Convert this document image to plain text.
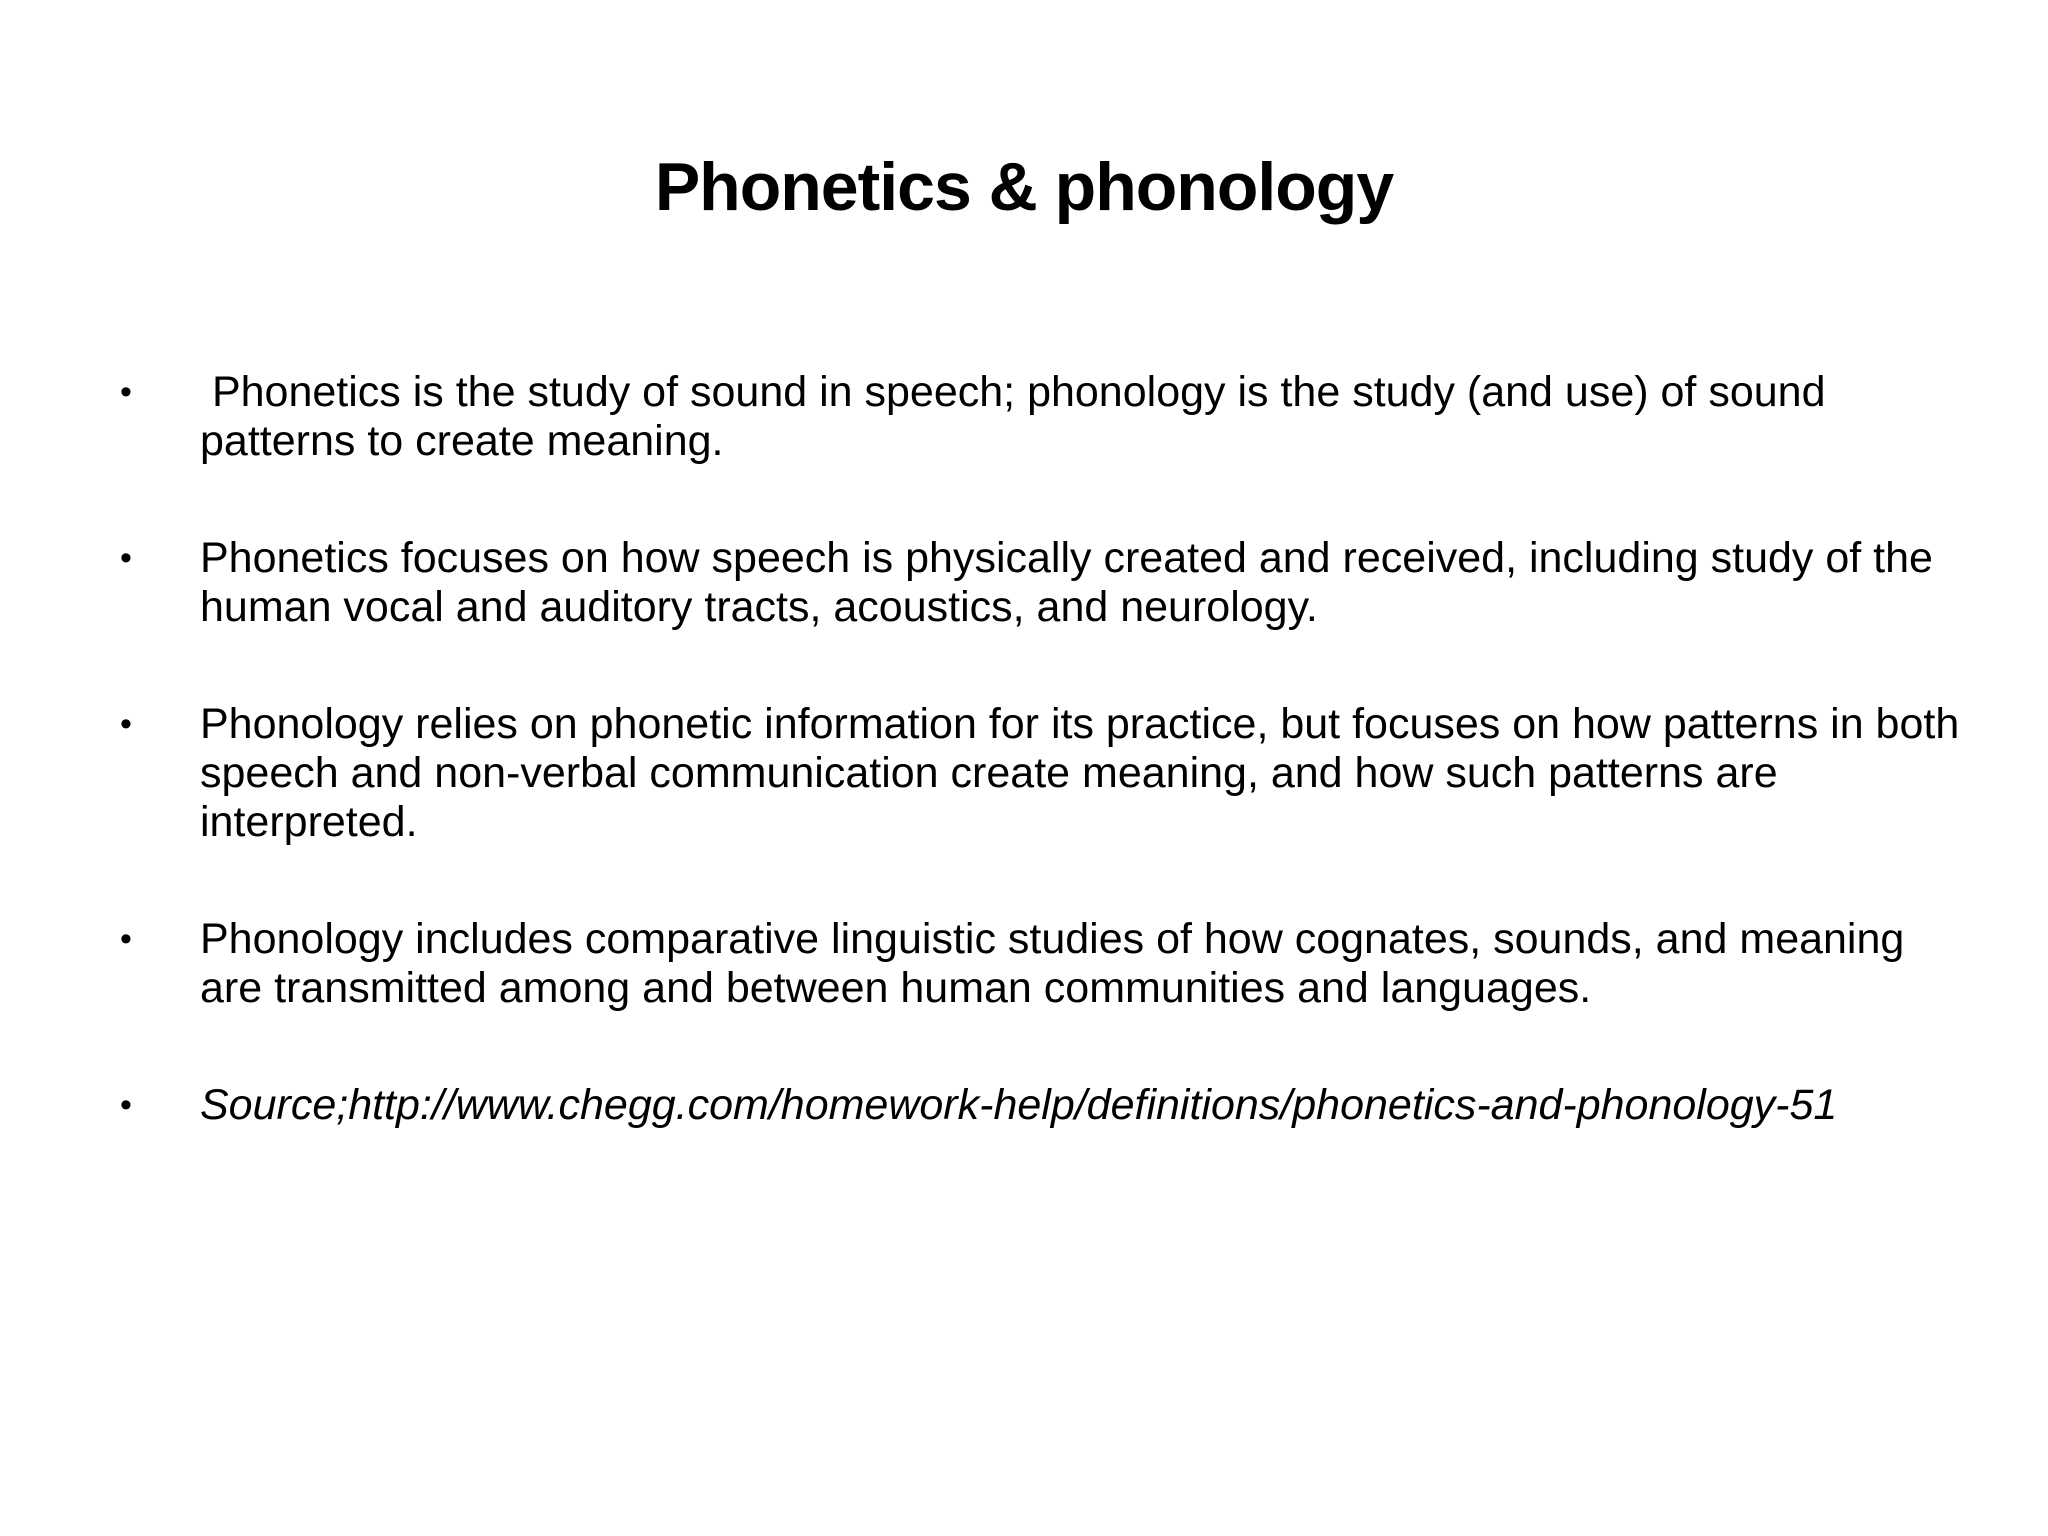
Phonetics & phonology
•	Phonetics is the study of sound in speech; phonology is the study (and use) of sound patterns to create meaning.
•	Phonetics focuses on how speech is physically created and received, including study of the human vocal and auditory tracts, acoustics, and neurology.
•	Phonology relies on phonetic information for its practice, but focuses on how patterns in both speech and non-verbal communication create meaning, and how such patterns are interpreted.
•	Phonology includes comparative linguistic studies of how cognates, sounds, and meaning are transmitted among and between human communities and languages.
•	Source;http://www.chegg.com/homework-help/definitions/phonetics-and-phonology-51
